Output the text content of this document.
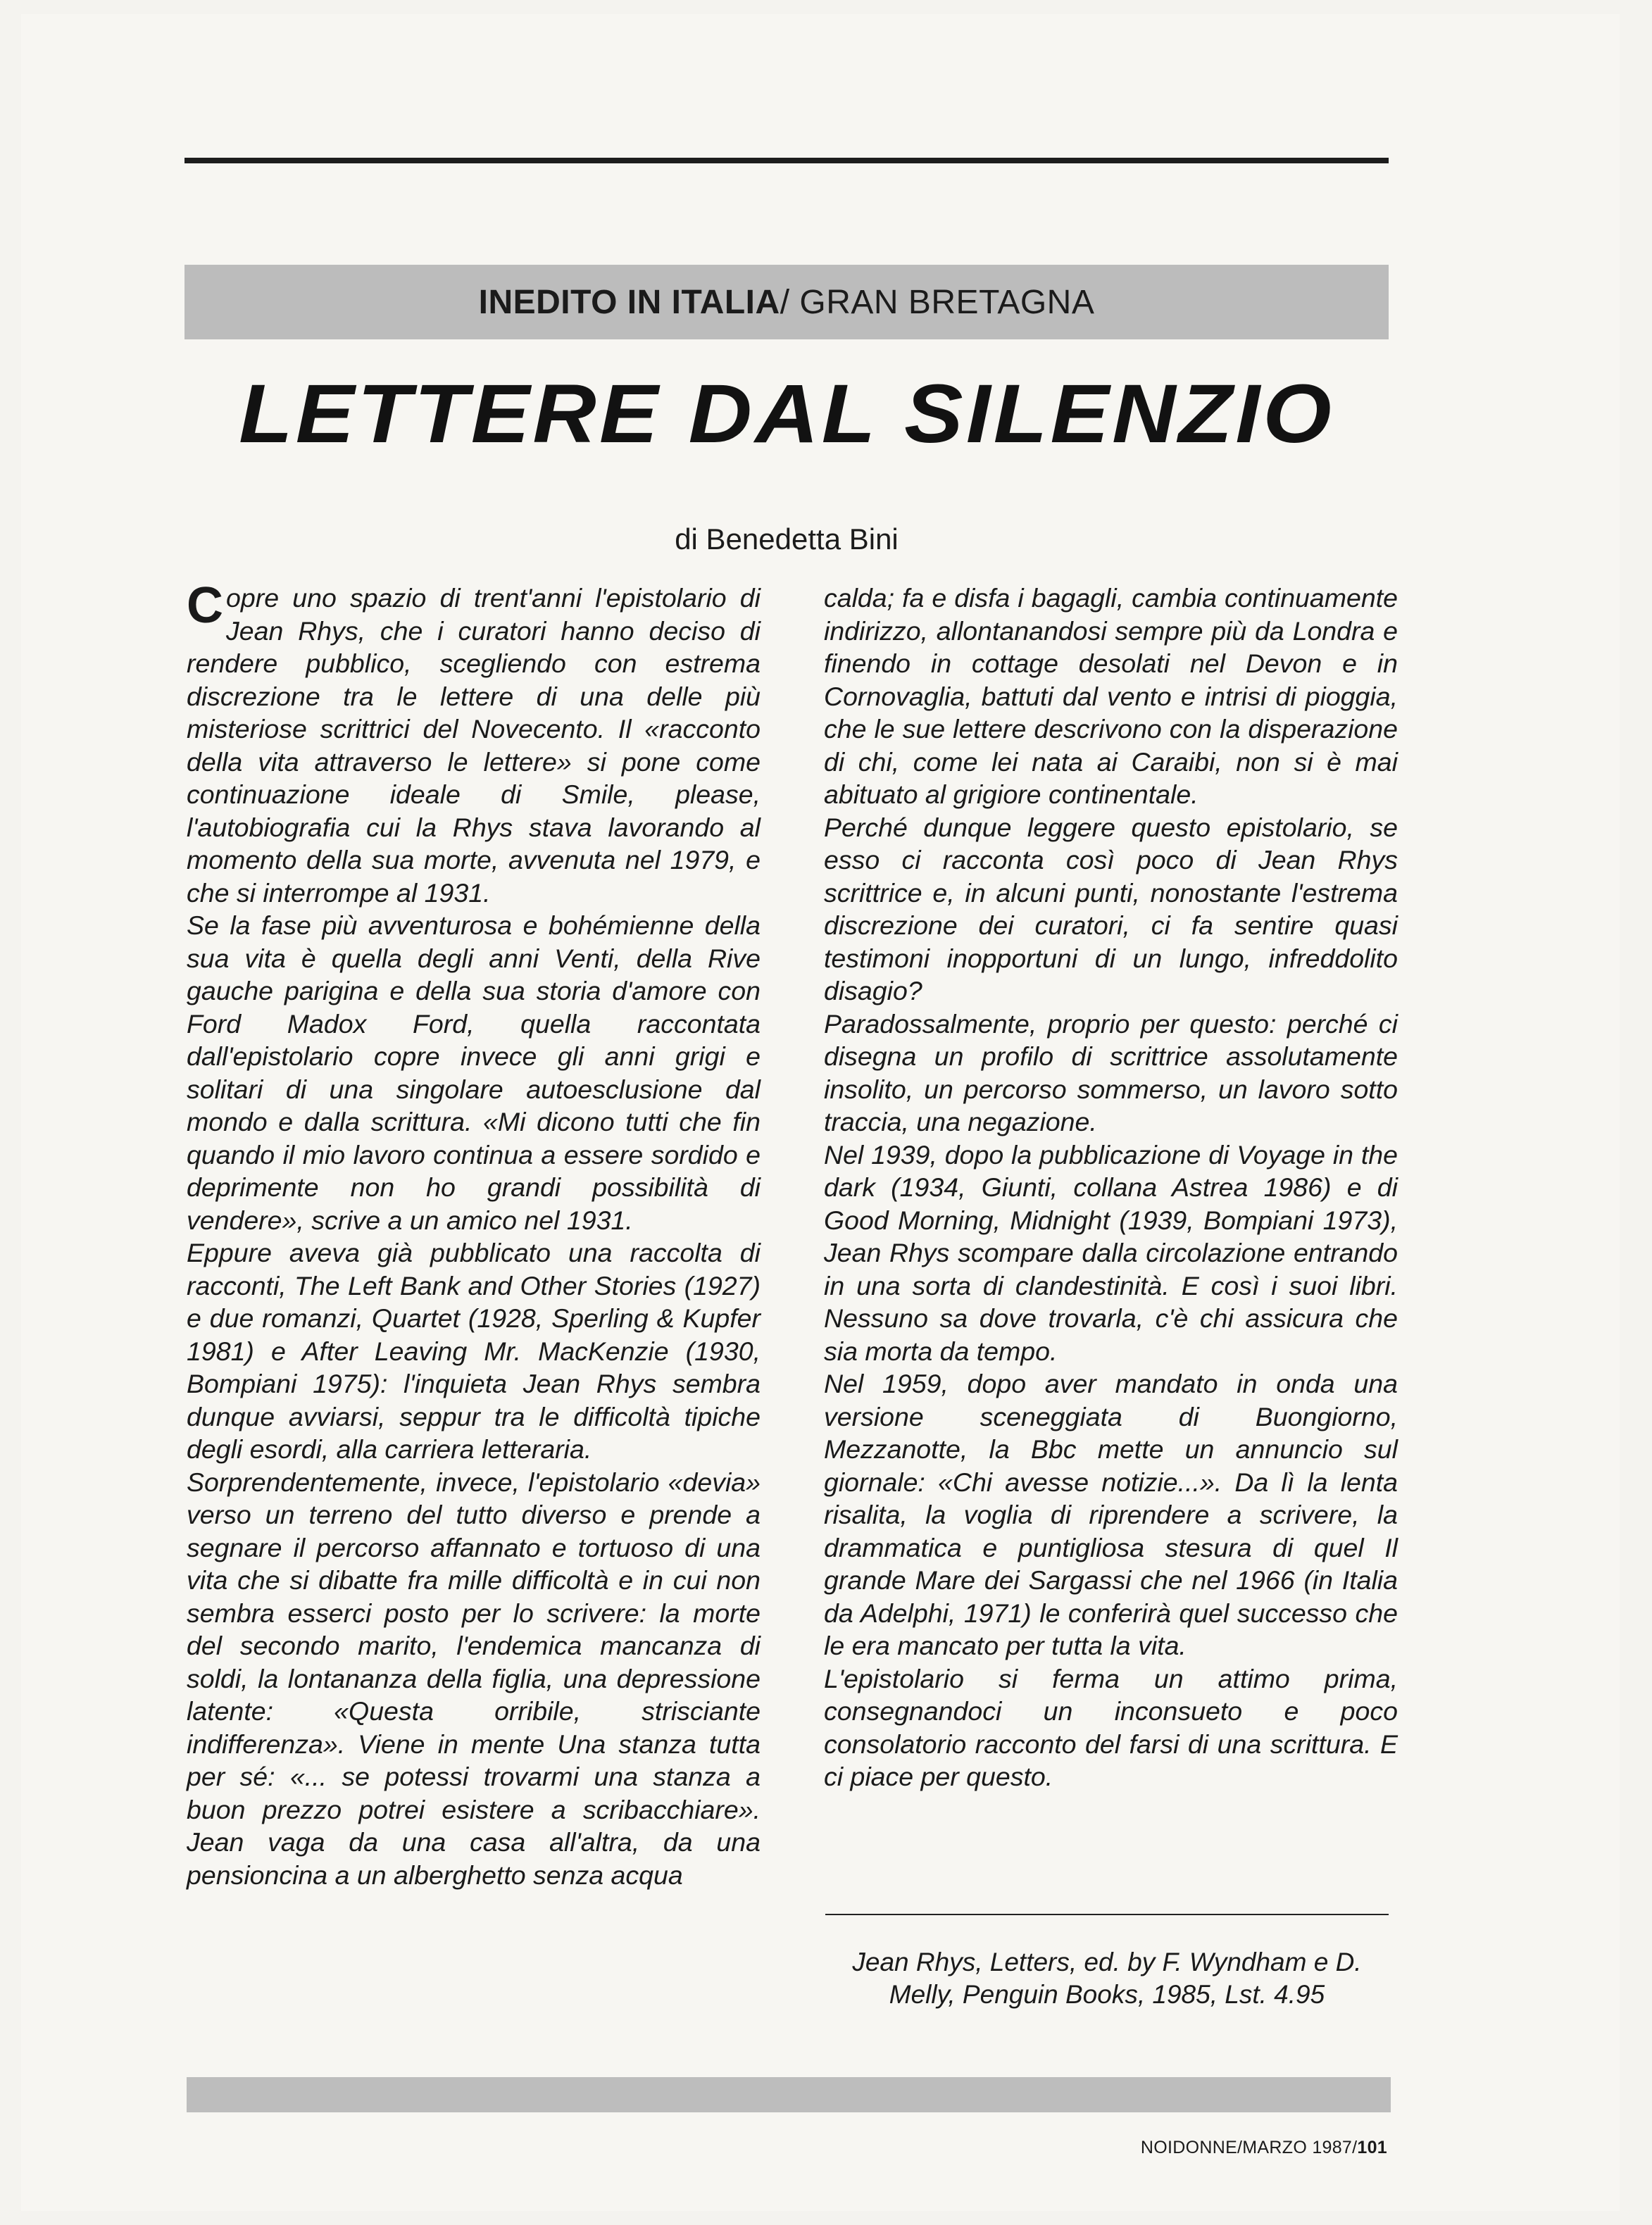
INEDITO IN ITALIA / GRAN BRETAGNA
LETTERE DAL SILENZIO
di Benedetta Bini

Copre uno spazio di trent'anni l'epistolario di Jean Rhys, che i curatori hanno deciso di rendere pubblico, scegliendo con estrema discrezione tra le lettere di una delle più misteriose scrittrici del Novecento. Il «racconto della vita attraverso le lettere» si pone come continuazione ideale di Smile, please, l'autobiografia cui la Rhys stava lavorando al momento della sua morte, avvenuta nel 1979, e che si interrompe al 1931.

Se la fase più avventurosa e bohémienne della sua vita è quella degli anni Venti, della Rive gauche parigina e della sua storia d'amore con Ford Madox Ford, quella raccontata dall'epistolario copre invece gli anni grigi e solitari di una singolare autoesclusione dal mondo e dalla scrittura. «Mi dicono tutti che fin quando il mio lavoro continua a essere sordido e deprimente non ho grandi possibilità di vendere», scrive a un amico nel 1931.

Eppure aveva già pubblicato una raccolta di racconti, The Left Bank and Other Stories (1927) e due romanzi, Quartet (1928, Sperling & Kupfer 1981) e After Leaving Mr. MacKenzie (1930, Bompiani 1975): l'inquieta Jean Rhys sembra dunque avviarsi, seppur tra le difficoltà tipiche degli esordi, alla carriera letteraria.

Sorprendentemente, invece, l'epistolario «devia» verso un terreno del tutto diverso e prende a segnare il percorso affannato e tortuoso di una vita che si dibatte fra mille difficoltà e in cui non sembra esserci posto per lo scrivere: la morte del secondo marito, l'endemica mancanza di soldi, la lontananza della figlia, una depressione latente: «Questa orribile, strisciante indifferenza». Viene in mente Una stanza tutta per sé: «... se potessi trovarmi una stanza a buon prezzo potrei esistere a scribacchiare». Jean vaga da una casa all'altra, da una pensioncina a un alberghetto senza acqua

calda; fa e disfa i bagagli, cambia continuamente indirizzo, allontanandosi sempre più da Londra e finendo in cottage desolati nel Devon e in Cornovaglia, battuti dal vento e intrisi di pioggia, che le sue lettere descrivono con la disperazione di chi, come lei nata ai Caraibi, non si è mai abituato al grigiore continentale.

Perché dunque leggere questo epistolario, se esso ci racconta così poco di Jean Rhys scrittrice e, in alcuni punti, nonostante l'estrema discrezione dei curatori, ci fa sentire quasi testimoni inopportuni di un lungo, infreddolito disagio?

Paradossalmente, proprio per questo: perché ci disegna un profilo di scrittrice assolutamente insolito, un percorso sommerso, un lavoro sotto traccia, una negazione.

Nel 1939, dopo la pubblicazione di Voyage in the dark (1934, Giunti, collana Astrea 1986) e di Good Morning, Midnight (1939, Bompiani 1973), Jean Rhys scompare dalla circolazione entrando in una sorta di clandestinità. E così i suoi libri. Nessuno sa dove trovarla, c'è chi assicura che sia morta da tempo.

Nel 1959, dopo aver mandato in onda una versione sceneggiata di Buongiorno, Mezzanotte, la Bbc mette un annuncio sul giornale: «Chi avesse notizie...». Da lì la lenta risalita, la voglia di riprendere a scrivere, la drammatica e puntigliosa stesura di quel Il grande Mare dei Sargassi che nel 1966 (in Italia da Adelphi, 1971) le conferirà quel successo che le era mancato per tutta la vita.

L'epistolario si ferma un attimo prima, consegnandoci un inconsueto e poco consolatorio racconto del farsi di una scrittura. E ci piace per questo.

Jean Rhys, Letters, ed. by F. Wyndham e D. Melly, Penguin Books, 1985, Lst. 4.95
NOIDONNE/MARZO 1987/101
